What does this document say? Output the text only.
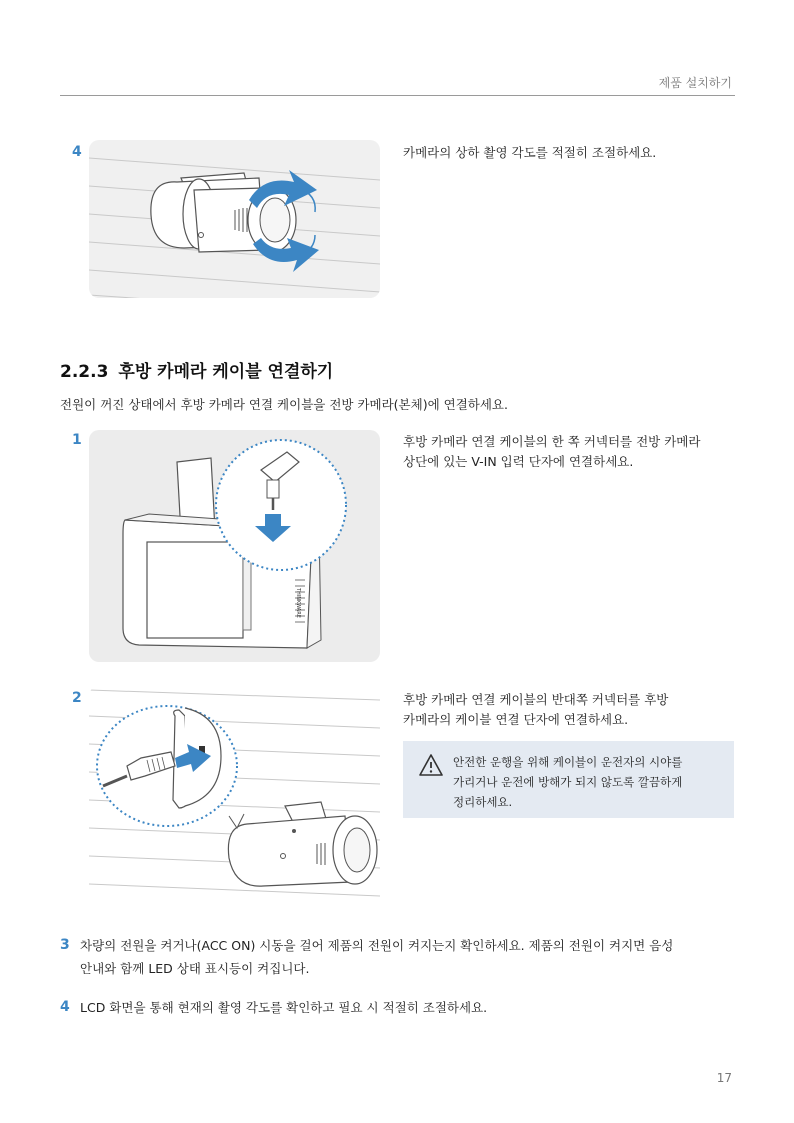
제품 설치하기
4	카메라의 상하 촬영 각도를 적절히 조절하세요.
2.2.3 후방 카메라 케이블 연결하기
전원이 꺼진 상태에서 후방 카메라 연결 케이블을 전방 카메라(본체)에 연결하세요.
1
THINKWARE
후방 카메라 연결 케이블의 한 쪽 커넥터를 전방 카메라
상단에 있는 V-IN 입력 단자에 연결하세요.
2	후방 카메라 연결 케이블의 반대쪽 커넥터를 후방
카메라의 케이블 연결 단자에 연결하세요.
안전한 운행을 위해 케이블이 운전자의 시야를
가리거나 운전에 방해가 되지 않도록 깔끔하게
정리하세요.
3 차량의 전원을 켜거나(ACC ON) 시동을 걸어 제품의 전원이 켜지는지 확인하세요. 제품의 전원이 켜지면 음성
안내와 함께 LED 상태 표시등이 켜집니다.
4 LCD 화면을 통해 현재의 촬영 각도를 확인하고 필요 시 적절히 조절하세요.
17
